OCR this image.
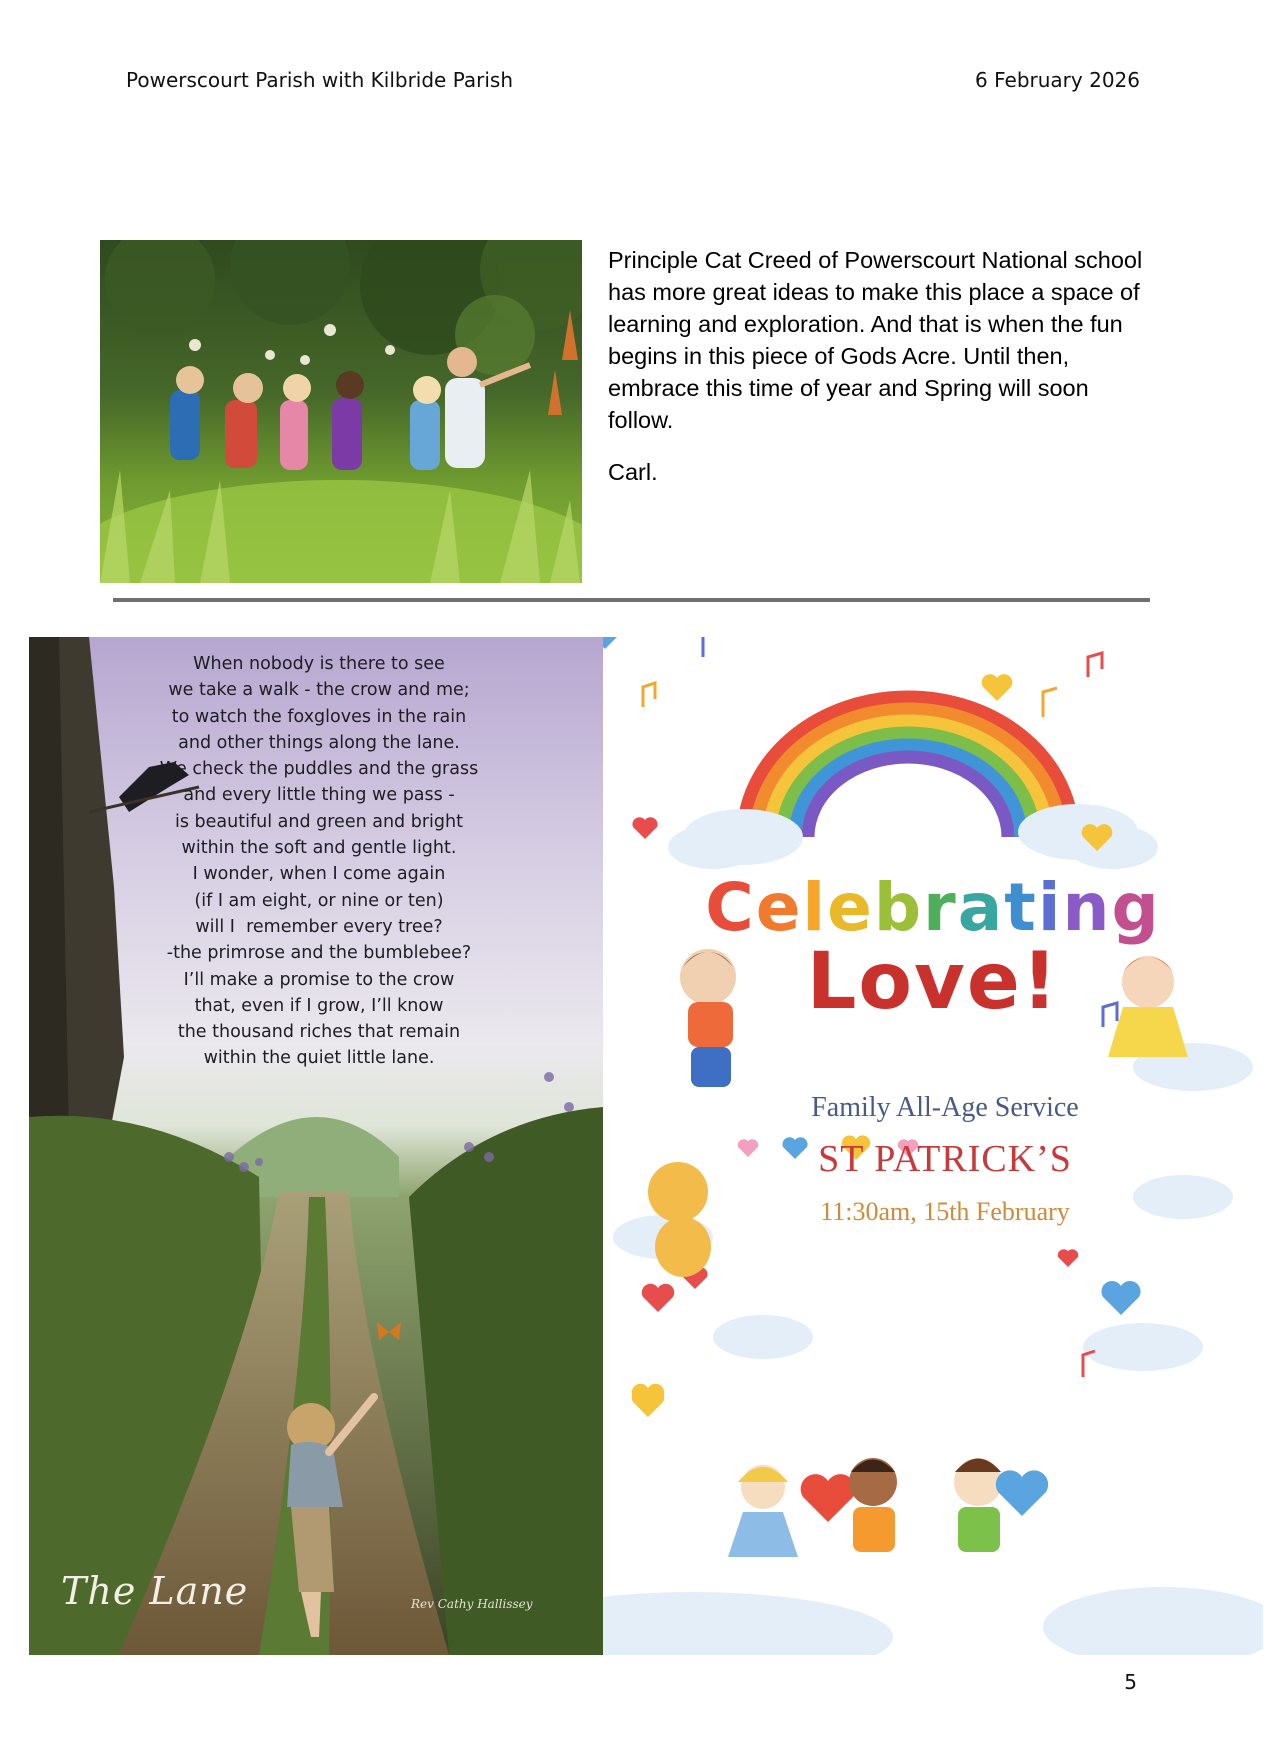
Powerscourt Parish with Kilbride Parish	6 February 2026

Principle Cat Creed of Powerscourt National school has more great ideas to make this place a space of learning and exploration. And that is when the fun begins in this piece of Gods Acre. Until then, embrace this time of year and Spring will soon follow.

Carl.

When nobody is there to see
we take a walk - the crow and me;
to watch the foxgloves in the rain
and other things along the lane.
We check the puddles and the grass
and every little thing we pass -
is beautiful and green and bright
within the soft and gentle light.
I wonder, when I come again
(if I am eight, or nine or ten)
will I  remember every tree?
-the primrose and the bumblebee?
I’ll make a promise to the crow
that, even if I grow, I’ll know
the thousand riches that remain
within the quiet little lane.
The Lane	Rev Cathy Hallissey
Celebrating
Love!
Family All-Age Service
ST PATRICK’S
11:30am, 15th February
5
